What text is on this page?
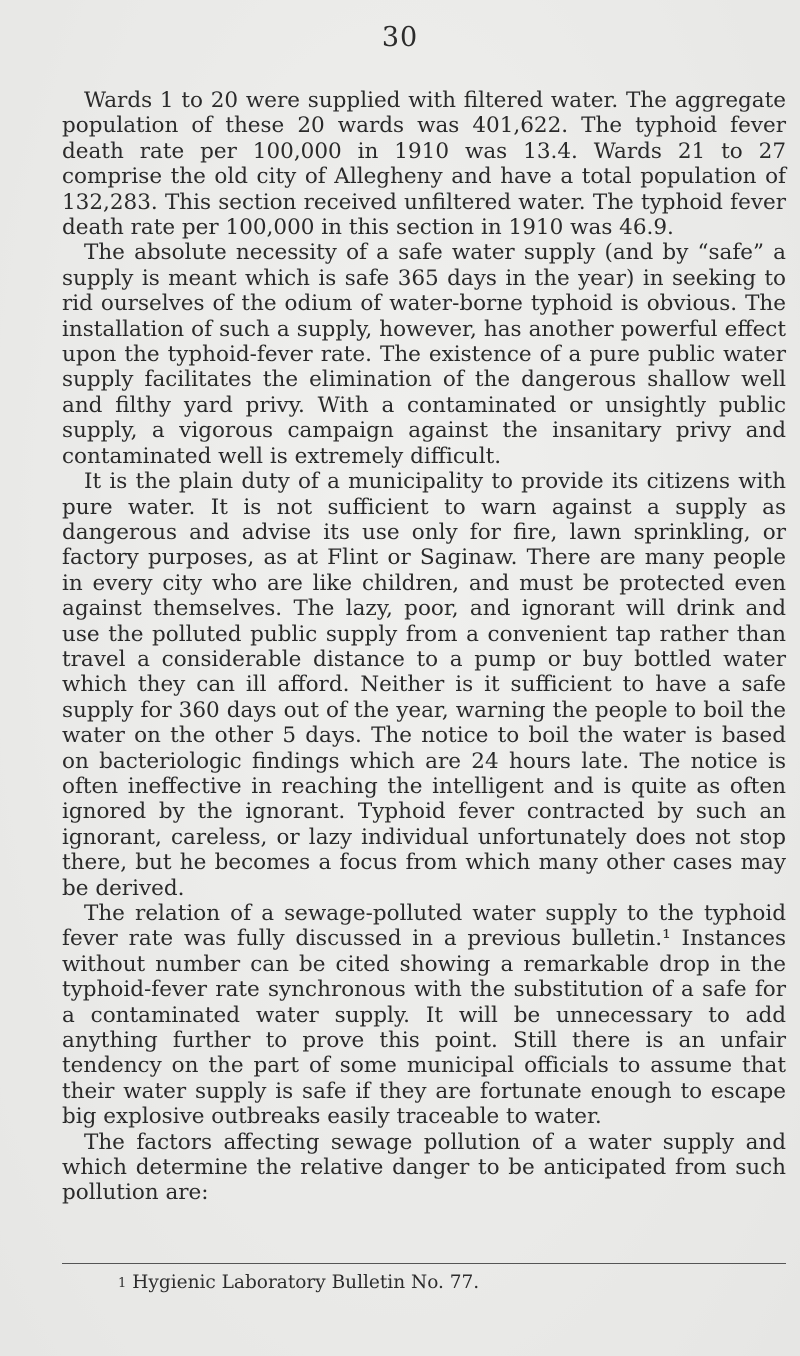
30

Wards 1 to 20 were supplied with filtered water. The aggregate population of these 20 wards was 401,622. The typhoid fever death rate per 100,000 in 1910 was 13.4. Wards 21 to 27 comprise the old city of Allegheny and have a total population of 132,283. This section received unfiltered water. The typhoid fever death rate per 100,000 in this section in 1910 was 46.9.

The absolute necessity of a safe water supply (and by “safe” a supply is meant which is safe 365 days in the year) in seeking to rid ourselves of the odium of water-borne typhoid is obvious. The installation of such a supply, however, has another powerful effect upon the typhoid-fever rate. The existence of a pure public water supply facilitates the elimination of the dangerous shallow well and filthy yard privy. With a contaminated or unsightly public supply, a vigorous campaign against the insanitary privy and contaminated well is extremely difficult.

It is the plain duty of a municipality to provide its citizens with pure water. It is not sufficient to warn against a supply as dangerous and advise its use only for fire, lawn sprinkling, or factory purposes, as at Flint or Saginaw. There are many people in every city who are like children, and must be protected even against themselves. The lazy, poor, and ignorant will drink and use the polluted public supply from a convenient tap rather than travel a considerable distance to a pump or buy bottled water which they can ill afford. Neither is it sufficient to have a safe supply for 360 days out of the year, warning the people to boil the water on the other 5 days. The notice to boil the water is based on bacteriologic findings which are 24 hours late. The notice is often ineffective in reaching the intelligent and is quite as often ignored by the ignorant. Typhoid fever contracted by such an ignorant, careless, or lazy individual unfortunately does not stop there, but he becomes a focus from which many other cases may be derived.

The relation of a sewage-polluted water supply to the typhoid fever rate was fully discussed in a previous bulletin.¹ Instances without number can be cited showing a remarkable drop in the typhoid-fever rate synchronous with the substitution of a safe for a contaminated water supply. It will be unnecessary to add anything further to prove this point. Still there is an unfair tendency on the part of some municipal officials to assume that their water supply is safe if they are fortunate enough to escape big explosive outbreaks easily traceable to water.

The factors affecting sewage pollution of a water supply and which determine the relative danger to be anticipated from such pollution are:

1 Hygienic Laboratory Bulletin No. 77.
